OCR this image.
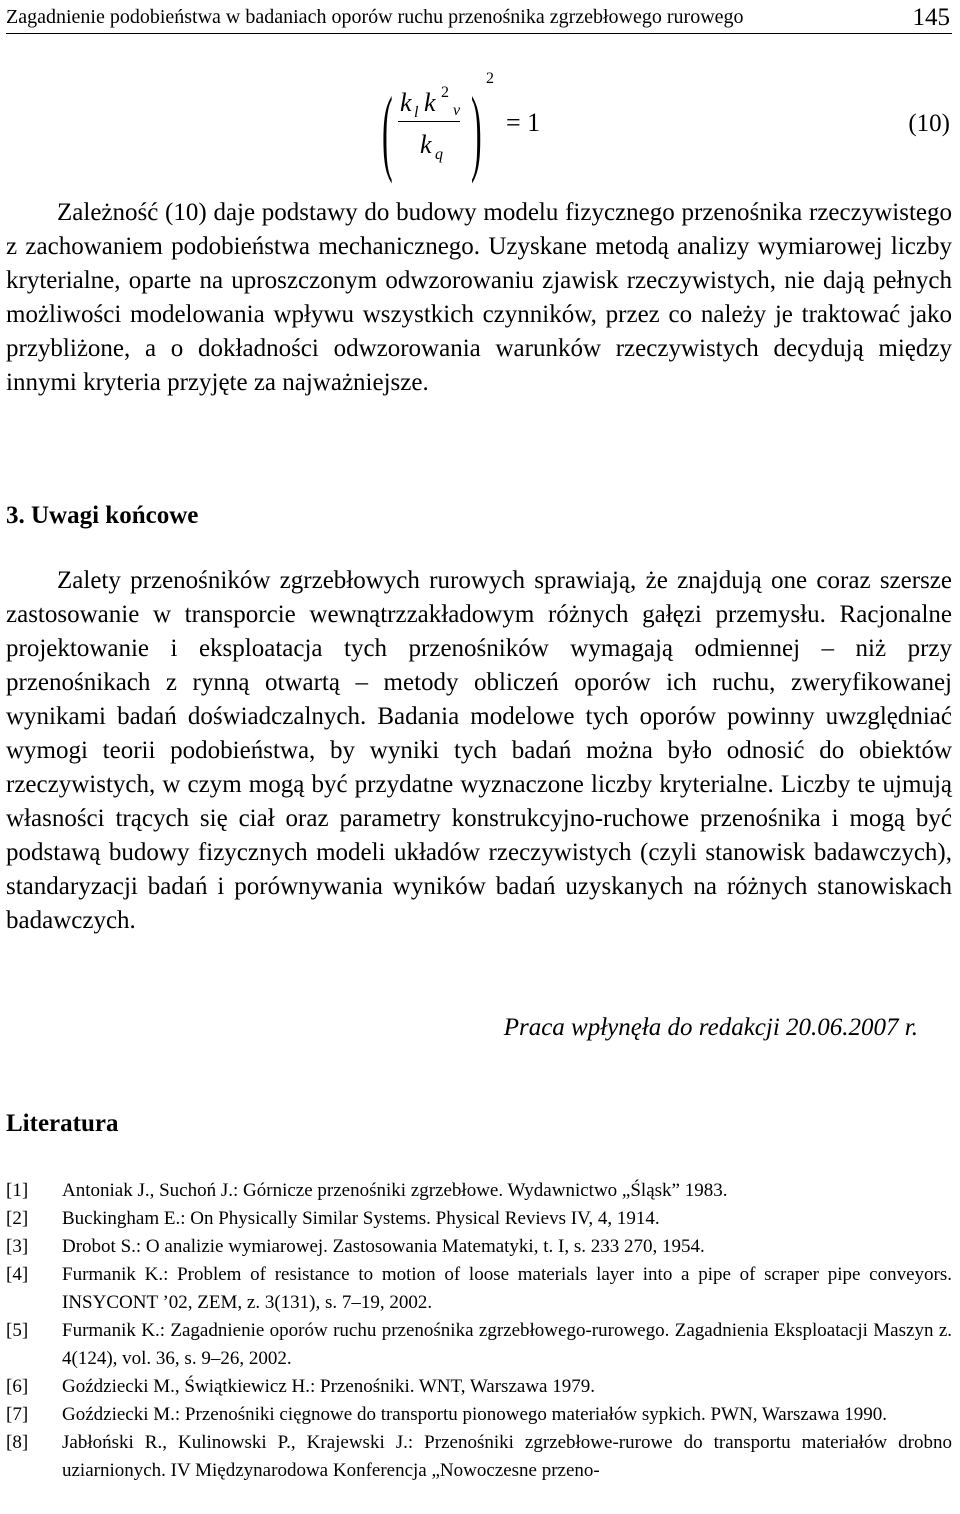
Zagadnienie podobieństwa w badaniach oporów ruchu przenośnika zgrzebłowego rurowego	145
( ) 2
k l k 2
v
k q
= 1	(10)

Zależność (10) daje podstawy do budowy modelu fizycznego przenośnika rzeczywistego z zachowaniem podobieństwa mechanicznego. Uzyskane metodą analizy wymiarowej liczby kryterialne, oparte na uproszczonym odwzorowaniu zjawisk rzeczywistych, nie dają pełnych możliwości modelowania wpływu wszystkich czynników, przez co należy je traktować jako przybliżone, a o dokładności odwzorowania warunków rzeczywistych decydują między innymi kryteria przyjęte za najważniejsze.

3. Uwagi końcowe

Zalety przenośników zgrzebłowych rurowych sprawiają, że znajdują one coraz szersze zastosowanie w transporcie wewnątrzzakładowym różnych gałęzi przemysłu. Racjonalne projektowanie i eksploatacja tych przenośników wymagają odmiennej – niż przy przenośnikach z rynną otwartą – metody obliczeń oporów ich ruchu, zweryfikowanej wynikami badań doświadczalnych. Badania modelowe tych oporów powinny uwzględniać wymogi teorii podobieństwa, by wyniki tych badań można było odnosić do obiektów rzeczywistych, w czym mogą być przydatne wyznaczone liczby kryterialne. Liczby te ujmują własności trących się ciał oraz parametry konstrukcyjno-ruchowe przenośnika i mogą być podstawą budowy fizycznych modeli układów rzeczywistych (czyli stanowisk badawczych), standaryzacji badań i porównywania wyników badań uzyskanych na różnych stanowiskach badawczych.

Praca wpłynęła do redakcji 20.06.2007 r.
Literatura
[1] Antoniak J., Suchoń J.: Górnicze przenośniki zgrzebłowe. Wydawnictwo „Śląsk” 1983.
[2] Buckingham E.: On Physically Similar Systems. Physical Revievs IV, 4, 1914.
[3] Drobot S.: O analizie wymiarowej. Zastosowania Matematyki, t. I, s. 233 270, 1954.
[4] Furmanik K.: Problem of resistance to motion of loose materials layer into a pipe of scraper pipe conveyors. INSYCONT ’02, ZEM, z. 3(131), s. 7–19, 2002.
[5] Furmanik K.: Zagadnienie oporów ruchu przenośnika zgrzebłowego-rurowego. Zagadnienia Eksploatacji Maszyn z. 4(124), vol. 36, s. 9–26, 2002.
[6] Goździecki M., Świątkiewicz H.: Przenośniki. WNT, Warszawa 1979.
[7] Goździecki M.: Przenośniki cięgnowe do transportu pionowego materiałów sypkich. PWN, Warszawa 1990.
[8] Jabłoński R., Kulinowski P., Krajewski J.: Przenośniki zgrzebłowe-rurowe do transportu materiałów drobno uziarnionych. IV Międzynarodowa Konferencja „Nowoczesne przeno-
